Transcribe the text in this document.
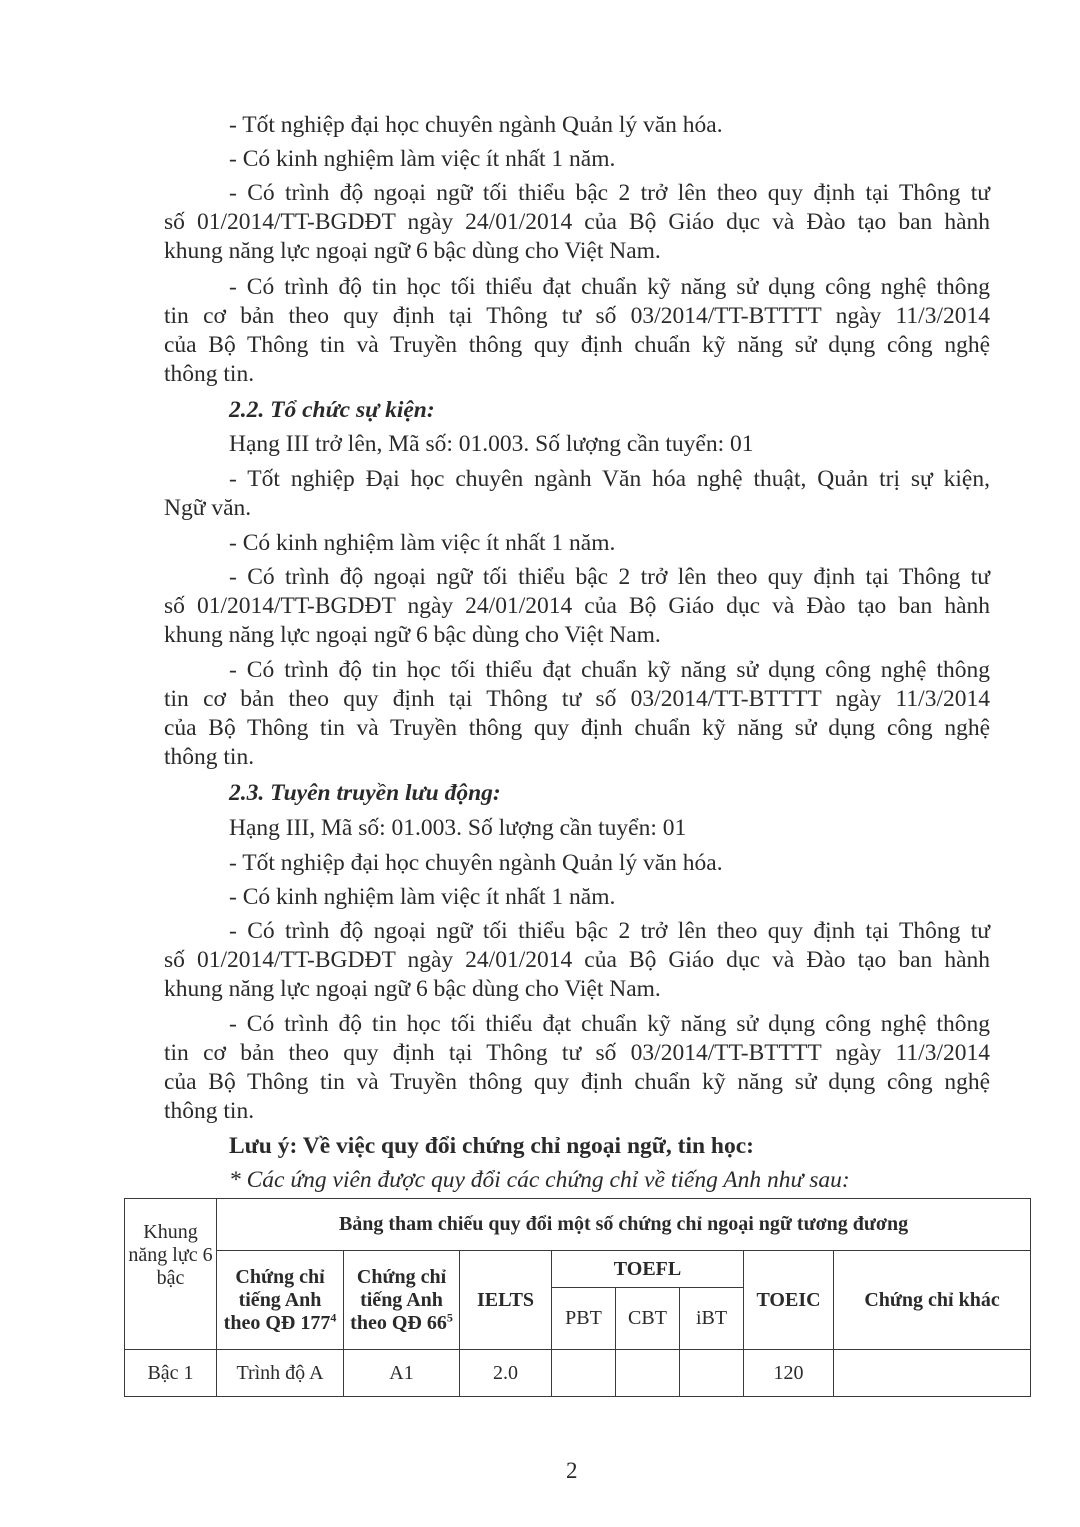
- Tốt nghiệp đại học chuyên ngành Quản lý văn hóa.
- Có kinh nghiệm làm việc ít nhất 1 năm.
- Có trình độ ngoại ngữ tối thiểu bậc 2 trở lên theo quy định tại Thông tư
số 01/2014/TT-BGDĐT ngày 24/01/2014 của Bộ Giáo dục và Đào tạo ban hành
khung năng lực ngoại ngữ 6 bậc dùng cho Việt Nam.
- Có trình độ tin học tối thiểu đạt chuẩn kỹ năng sử dụng công nghệ thông
tin cơ bản theo quy định tại Thông tư số 03/2014/TT-BTTTT ngày 11/3/2014
của Bộ Thông tin và Truyền thông quy định chuẩn kỹ năng sử dụng công nghệ
thông tin.
2.2. Tổ chức sự kiện:
Hạng III trở lên, Mã số: 01.003. Số lượng cần tuyển: 01
- Tốt nghiệp Đại học chuyên ngành Văn hóa nghệ thuật, Quản trị sự kiện,
Ngữ văn.
- Có kinh nghiệm làm việc ít nhất 1 năm.
- Có trình độ ngoại ngữ tối thiểu bậc 2 trở lên theo quy định tại Thông tư
số 01/2014/TT-BGDĐT ngày 24/01/2014 của Bộ Giáo dục và Đào tạo ban hành
khung năng lực ngoại ngữ 6 bậc dùng cho Việt Nam.
- Có trình độ tin học tối thiểu đạt chuẩn kỹ năng sử dụng công nghệ thông
tin cơ bản theo quy định tại Thông tư số 03/2014/TT-BTTTT ngày 11/3/2014
của Bộ Thông tin và Truyền thông quy định chuẩn kỹ năng sử dụng công nghệ
thông tin.
2.3. Tuyên truyền lưu động:
Hạng III, Mã số: 01.003. Số lượng cần tuyển: 01
- Tốt nghiệp đại học chuyên ngành Quản lý văn hóa.
- Có kinh nghiệm làm việc ít nhất 1 năm.
- Có trình độ ngoại ngữ tối thiểu bậc 2 trở lên theo quy định tại Thông tư
số 01/2014/TT-BGDĐT ngày 24/01/2014 của Bộ Giáo dục và Đào tạo ban hành
khung năng lực ngoại ngữ 6 bậc dùng cho Việt Nam.
- Có trình độ tin học tối thiểu đạt chuẩn kỹ năng sử dụng công nghệ thông
tin cơ bản theo quy định tại Thông tư số 03/2014/TT-BTTTT ngày 11/3/2014
của Bộ Thông tin và Truyền thông quy định chuẩn kỹ năng sử dụng công nghệ
thông tin.
Lưu ý: Về việc quy đổi chứng chỉ ngoại ngữ, tin học:
* Các ứng viên được quy đổi các chứng chỉ về tiếng Anh như sau:
Khung năng lực 6 bậc	Bảng tham chiếu quy đổi một số chứng chỉ ngoại ngữ tương đương							
	Chứng chỉ tiếng Anh theo QĐ $177^4$	Chứng chỉ tiếng Anh theo QĐ $66^5$	IELTS	TOEFL			TOEIC	Chứng chỉ khác
				PBT	CBT	iBT		
Bậc 1	Trình độ A	A1	2.0				120	
2
